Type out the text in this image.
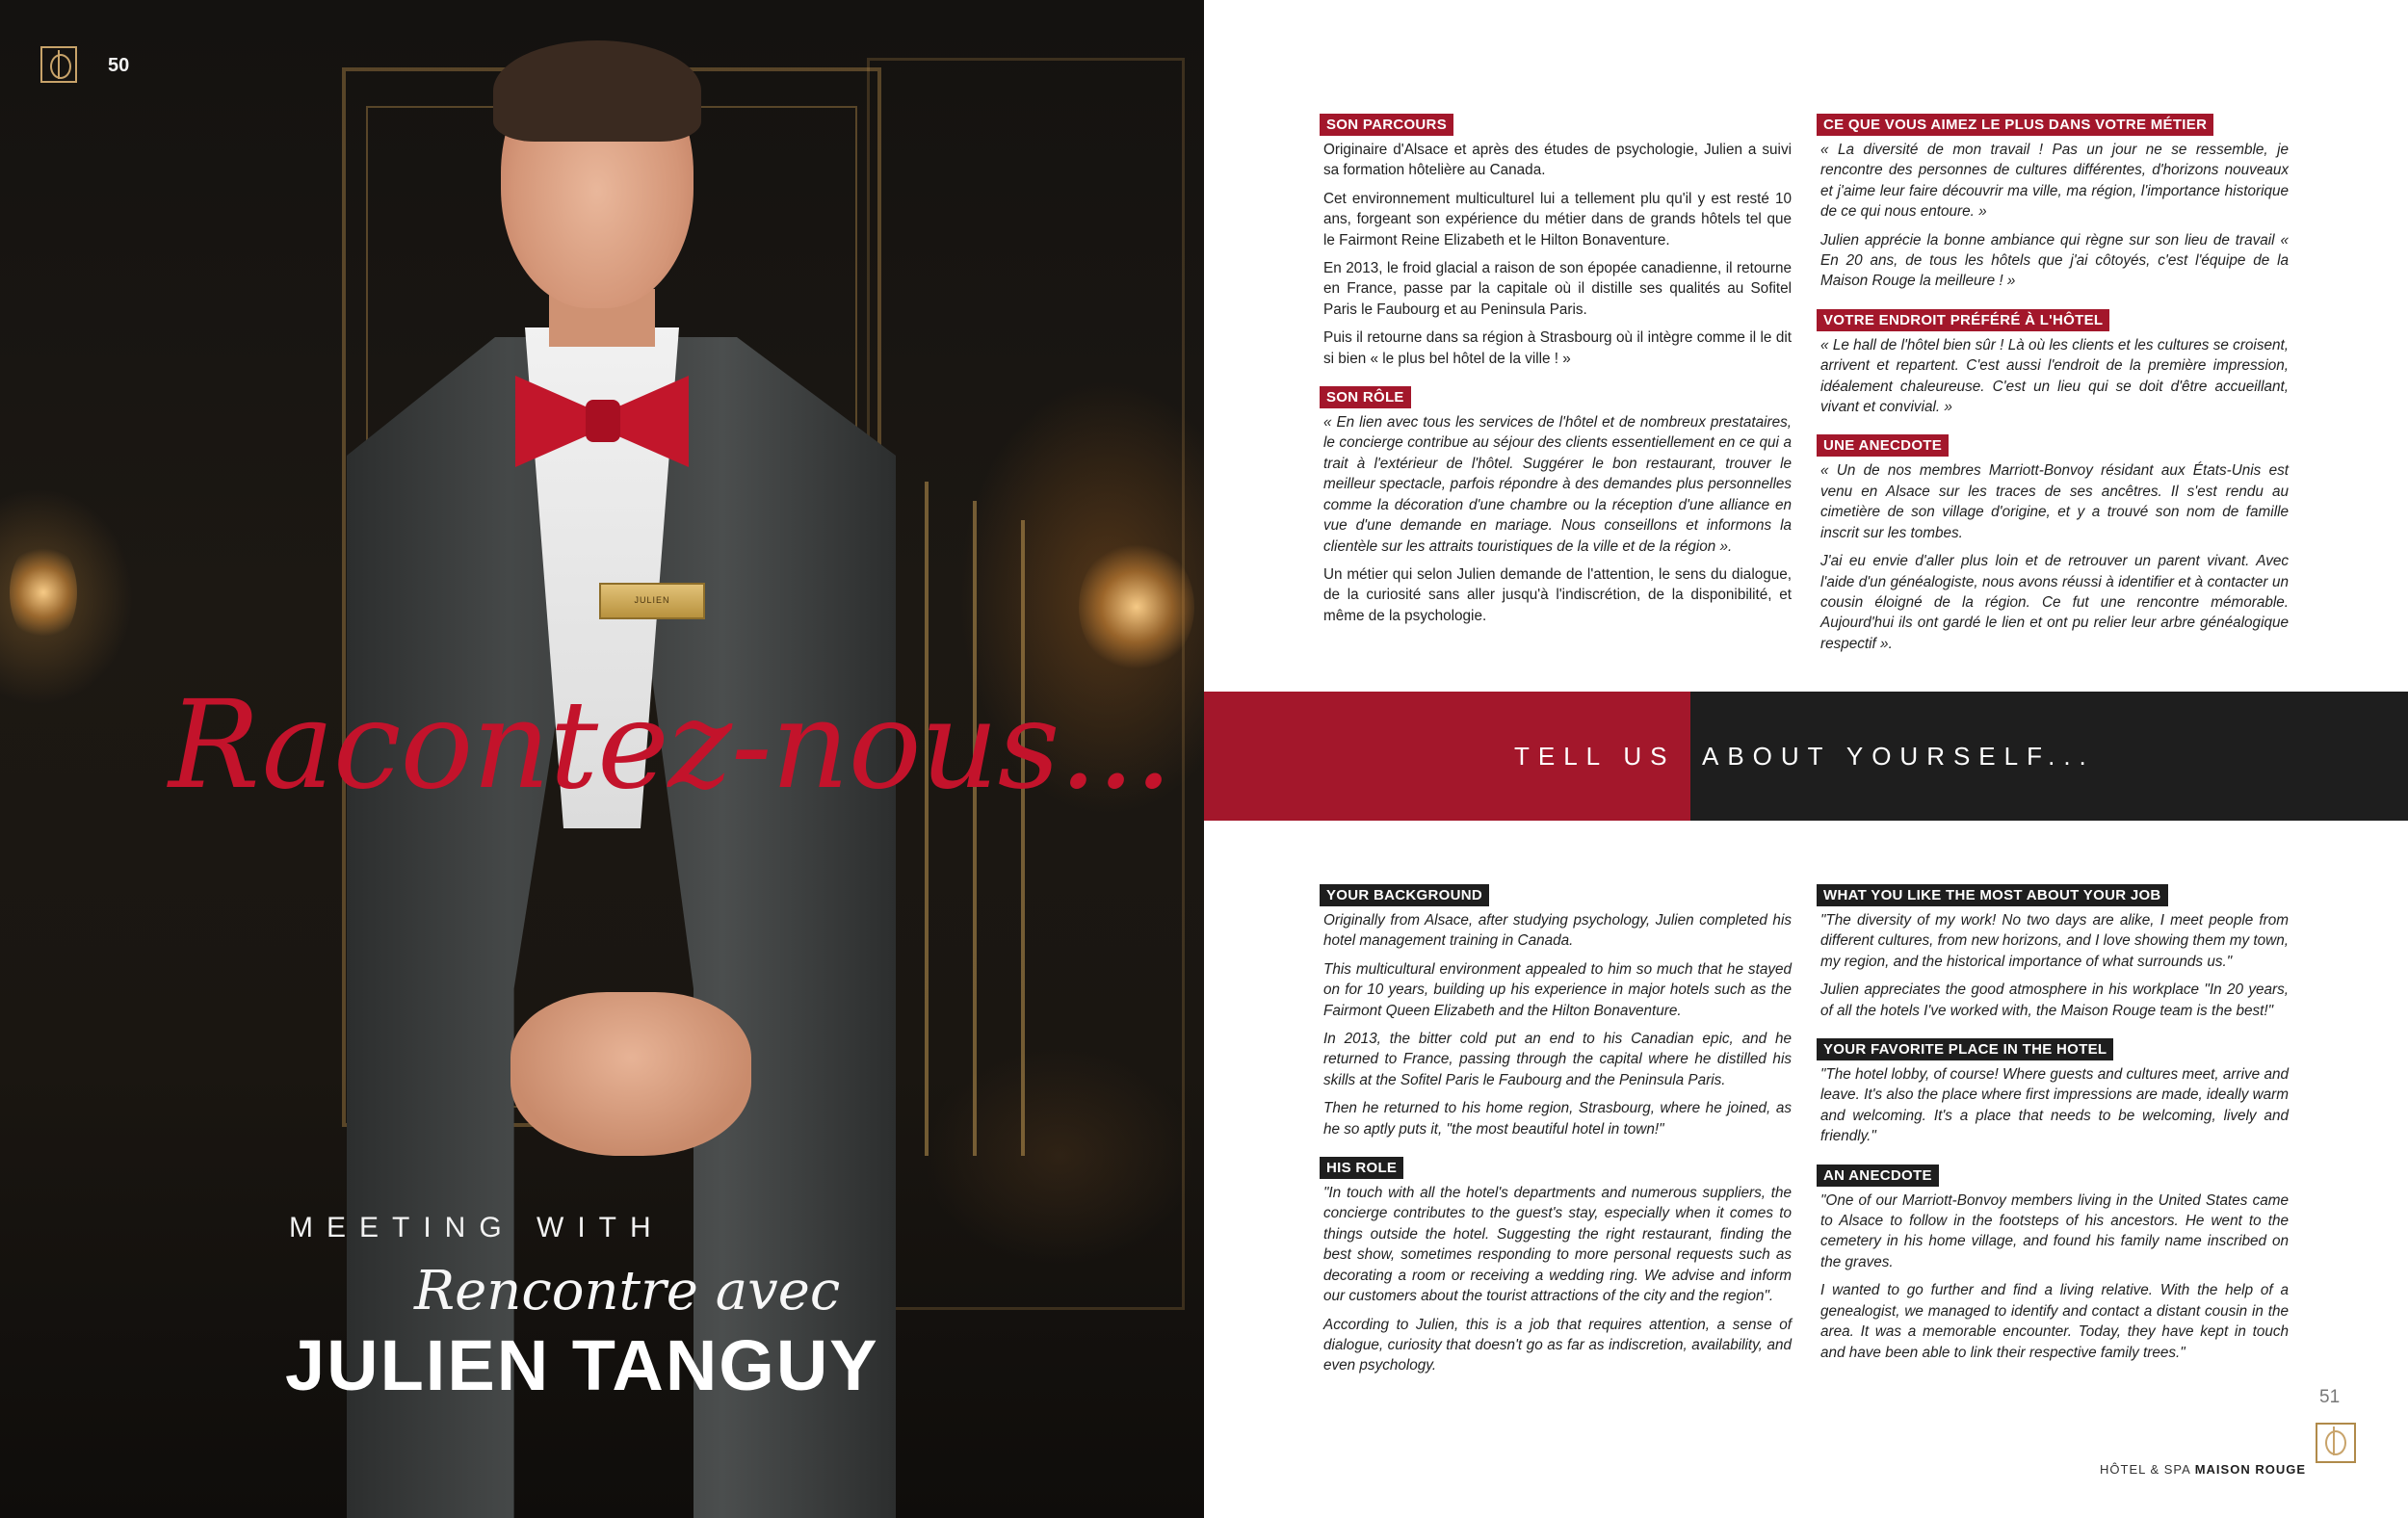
JULIEN
50
Racontez-nous...
MEETING WITH
Rencontre avec
JULIEN TANGUY
SON PARCOURS

Originaire d'Alsace et après des études de psychologie, Julien a suivi sa formation hôtelière au Canada.

Cet environnement multiculturel lui a tellement plu qu'il y est resté 10 ans, forgeant son expérience du métier dans de grands hôtels tel que le Fairmont Reine Elizabeth et le Hilton Bonaventure.

En 2013, le froid glacial a raison de son épopée canadienne, il retourne en France, passe par la capitale où il distille ses qualités au Sofitel Paris le Faubourg et au Peninsula Paris.

Puis il retourne dans sa région à Strasbourg où il intègre comme il le dit si bien « le plus bel hôtel de la ville ! »

SON RÔLE

« En lien avec tous les services de l'hôtel et de nombreux prestataires, le concierge contribue au séjour des clients essentiellement en ce qui a trait à l'extérieur de l'hôtel. Suggérer le bon restaurant, trouver le meilleur spectacle, parfois répondre à des demandes plus personnelles comme la décoration d'une chambre ou la réception d'une alliance en vue d'une demande en mariage. Nous conseillons et informons la clientèle sur les attraits touristiques de la ville et de la région ».

Un métier qui selon Julien demande de l'attention, le sens du dialogue, de la curiosité sans aller jusqu'à l'indiscrétion, de la disponibilité, et même de la psychologie.

CE QUE VOUS AIMEZ LE PLUS DANS VOTRE MÉTIER

« La diversité de mon travail ! Pas un jour ne se ressemble, je rencontre des personnes de cultures différentes, d'horizons nouveaux et j'aime leur faire découvrir ma ville, ma région, l'importance historique de ce qui nous entoure. »

Julien apprécie la bonne ambiance qui règne sur son lieu de travail « En 20 ans, de tous les hôtels que j'ai côtoyés, c'est l'équipe de la Maison Rouge la meilleure ! »

VOTRE ENDROIT PRÉFÉRÉ À L'HÔTEL

« Le hall de l'hôtel bien sûr ! Là où les clients et les cultures se croisent, arrivent et repartent. C'est aussi l'endroit de la première impression, idéalement chaleureuse. C'est un lieu qui se doit d'être accueillant, vivant et convivial. »

UNE ANECDOTE

« Un de nos membres Marriott-Bonvoy résidant aux États-Unis est venu en Alsace sur les traces de ses ancêtres. Il s'est rendu au cimetière de son village d'origine, et y a trouvé son nom de famille inscrit sur les tombes.

J'ai eu envie d'aller plus loin et de retrouver un parent vivant. Avec l'aide d'un généalogiste, nous avons réussi à identifier et à contacter un cousin éloigné de la région. Ce fut une rencontre mémorable. Aujourd'hui ils ont gardé le lien et ont pu relier leur arbre généalogique respectif ».

TELL US ABOUT YOURSELF...
YOUR BACKGROUND

Originally from Alsace, after studying psychology, Julien completed his hotel management training in Canada.

This multicultural environment appealed to him so much that he stayed on for 10 years, building up his experience in major hotels such as the Fairmont Queen Elizabeth and the Hilton Bonaventure.

In 2013, the bitter cold put an end to his Canadian epic, and he returned to France, passing through the capital where he distilled his skills at the Sofitel Paris le Faubourg and the Peninsula Paris.

Then he returned to his home region, Strasbourg, where he joined, as he so aptly puts it, "the most beautiful hotel in town!"

HIS ROLE

"In touch with all the hotel's departments and numerous suppliers, the concierge contributes to the guest's stay, especially when it comes to things outside the hotel. Suggesting the right restaurant, finding the best show, sometimes responding to more personal requests such as decorating a room or receiving a wedding ring. We advise and inform our customers about the tourist attractions of the city and the region".

According to Julien, this is a job that requires attention, a sense of dialogue, curiosity that doesn't go as far as indiscretion, availability, and even psychology.

WHAT YOU LIKE THE MOST ABOUT YOUR JOB

"The diversity of my work! No two days are alike, I meet people from different cultures, from new horizons, and I love showing them my town, my region, and the historical importance of what surrounds us."

Julien appreciates the good atmosphere in his workplace "In 20 years, of all the hotels I've worked with, the Maison Rouge team is the best!"

YOUR FAVORITE PLACE IN THE HOTEL

"The hotel lobby, of course! Where guests and cultures meet, arrive and leave. It's also the place where first impressions are made, ideally warm and welcoming. It's a place that needs to be welcoming, lively and friendly."

AN ANECDOTE

"One of our Marriott-Bonvoy members living in the United States came to Alsace to follow in the footsteps of his ancestors. He went to the cemetery in his home village, and found his family name inscribed on the graves.

I wanted to go further and find a living relative. With the help of a genealogist, we managed to identify and contact a distant cousin in the area. It was a memorable encounter. Today, they have kept in touch and have been able to link their respective family trees."

51
HÔTEL & SPA MAISON ROUGE
